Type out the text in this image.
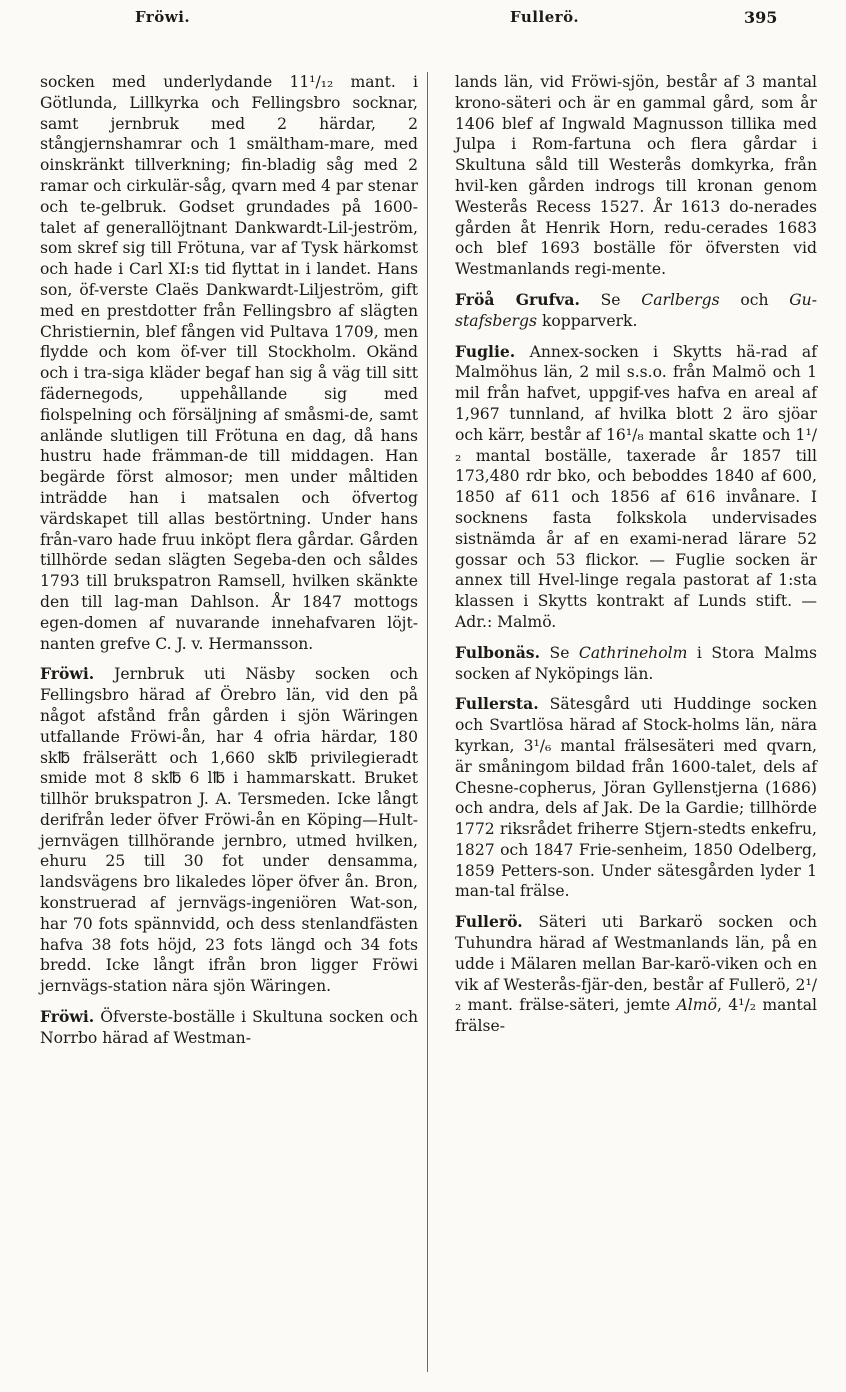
Fröwi.	Fullerö.	395

socken med underlydande 11¹/₁₂ mant. i Götlunda, Lillkyrka och Fellingsbro socknar, samt jernbruk med 2 härdar, 2 stångjernshamrar och 1 smältham-mare, med oinskränkt tillverkning; fin-bladig såg med 2 ramar och cirkulär-såg, qvarn med 4 par stenar och te-gelbruk. Godset grundades på 1600-talet af generallöjtnant Dankwardt-Lil-jeström, som skref sig till Frötuna, var af Tysk härkomst och hade i Carl XI:s tid flyttat in i landet. Hans son, öf-verste Claës Dankwardt-Liljeström, gift med en prestdotter från Fellingsbro af slägten Christiernin, blef fången vid Pultava 1709, men flydde och kom öf-ver till Stockholm. Okänd och i tra-siga kläder begaf han sig å väg till sitt fädernegods, uppehållande sig med fiolspelning och försäljning af småsmi-de, samt anlände slutligen till Frötuna en dag, då hans hustru hade främman-de till middagen. Han begärde först almosor; men under måltiden inträdde han i matsalen och öfvertog värdskapet till allas bestörtning. Under hans från-varo hade fruu inköpt flera gårdar. Gården tillhörde sedan slägten Segeba-den och såldes 1793 till brukspatron Ramsell, hvilken skänkte den till lag-man Dahlson. År 1847 mottogs egen-domen af nuvarande innehafvaren löjt-nanten grefve C. J. v. Hermansson.

Fröwi. Jernbruk uti Näsby socken och Fellingsbro härad af Örebro län, vid den på något afstånd från gården i sjön Wäringen utfallande Fröwi-ån, har 4 ofria härdar, 180 sk℔ frälserätt och 1,660 sk℔ privilegieradt smide mot 8 sk℔ 6 l℔ i hammarskatt. Bruket tillhör brukspatron J. A. Tersmeden. Icke långt derifrån leder öfver Fröwi-ån en Köping—Hult-jernvägen tillhörande jernbro, utmed hvilken, ehuru 25 till 30 fot under densamma, landsvägens bro likaledes löper öfver ån. Bron, konstruerad af jernvägs-ingeniören Wat-son, har 70 fots spännvidd, och dess stenlandfästen hafva 38 fots höjd, 23 fots längd och 34 fots bredd. Icke långt ifrån bron ligger Fröwi jernvägs-station nära sjön Wäringen.

Fröwi. Öfverste-boställe i Skultuna socken och Norrbo härad af Westman-

lands län, vid Fröwi-sjön, består af 3 mantal krono-säteri och är en gammal gård, som år 1406 blef af Ingwald Magnusson tillika med Julpa i Rom-fartuna och flera gårdar i Skultuna såld till Westerås domkyrka, från hvil-ken gården indrogs till kronan genom Westerås Recess 1527. År 1613 do-nerades gården åt Henrik Horn, redu-cerades 1683 och blef 1693 boställe för öfversten vid Westmanlands regi-mente.

Fröå Grufva. Se Carlbergs och Gu-stafsbergs kopparverk.

Fuglie. Annex-socken i Skytts hä-rad af Malmöhus län, 2 mil s.s.o. från Malmö och 1 mil från hafvet, uppgif-ves hafva en areal af 1,967 tunnland, af hvilka blott 2 äro sjöar och kärr, består af 16¹/₈ mantal skatte och 1¹/₂ mantal boställe, taxerade år 1857 till 173,480 rdr bko, och beboddes 1840 af 600, 1850 af 611 och 1856 af 616 invånare. I socknens fasta folkskola undervisades sistnämda år af en exami-nerad lärare 52 gossar och 53 flickor. — Fuglie socken är annex till Hvel-linge regala pastorat af 1:sta klassen i Skytts kontrakt af Lunds stift. — Adr.: Malmö.

Fulbonäs. Se Cathrineholm i Stora Malms socken af Nyköpings län.

Fullersta. Sätesgård uti Huddinge socken och Svartlösa härad af Stock-holms län, nära kyrkan, 3¹/₆ mantal frälsesäteri med qvarn, är småningom bildad från 1600-talet, dels af Chesne-copherus, Jöran Gyllenstjerna (1686) och andra, dels af Jak. De la Gardie; tillhörde 1772 riksrådet friherre Stjern-stedts enkefru, 1827 och 1847 Frie-senheim, 1850 Odelberg, 1859 Petters-son. Under sätesgården lyder 1 man-tal frälse.

Fullerö. Säteri uti Barkarö socken och Tuhundra härad af Westmanlands län, på en udde i Mälaren mellan Bar-karö-viken och en vik af Westerås-fjär-den, består af Fullerö, 2¹/₂ mant. frälse-säteri, jemte Almö, 4¹/₂ mantal frälse-
